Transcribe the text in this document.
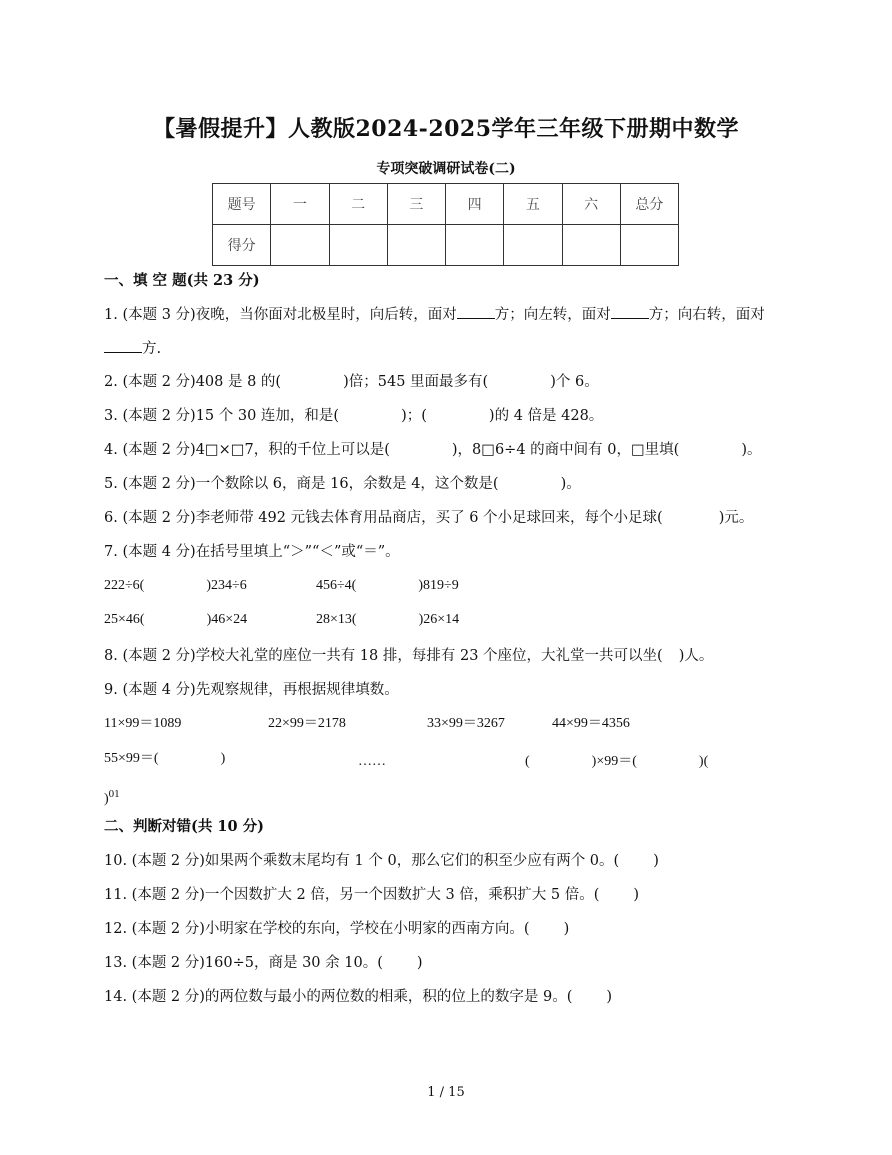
【暑假提升】人教版2024-2025学年三年级下册期中数学
专项突破调研试卷(二)
题号	一	二	三	四	五	六	总分
得分							
一、填 空 题(共 23 分)
1. (本题 3 分)夜晚，当你面对北极星时，向后转，面对	方；向左转，面对	方；向右转，面对
方.
2. (本题 2 分)408 是 8 的(	)倍；545 里面最多有(	)个 6。
3. (本题 2 分)15 个 30 连加，和是(	)；(	)的 4 倍是 428。
4. (本题 2 分)4□×□7，积的千位上可以是(	)，8□6÷4 的商中间有 0，□里填(	)。
5. (本题 2 分)一个数除以 6，商是 16，余数是 4，这个数是(	)。
6. (本题 2 分)李老师带 492 元钱去体育用品商店，买了 6 个小足球回来，每个小足球(	)元。
7. (本题 4 分)在括号里填上“＞”“＜”或“＝”。
222÷6(	)234÷6	456÷4(	)819÷9
25×46(	)46×24	28×13(	)26×14
8. (本题 2 分)学校大礼堂的座位一共有 18 排，每排有 23 个座位，大礼堂一共可以坐( )人。
9. (本题 4 分)先观察规律，再根据规律填数。
11×99＝1089	22×99＝2178	33×99＝3267	44×99＝4356
55×99＝(	)	……	(	)×99＝(	)(
)$^{01}$
二、判断对错(共 10 分)
10. (本题 2 分)如果两个乘数末尾均有 1 个 0，那么它们的积至少应有两个 0。( )
11. (本题 2 分)一个因数扩大 2 倍，另一个因数扩大 3 倍，乘积扩大 5 倍。( )
12. (本题 2 分)小明家在学校的东向，学校在小明家的西南方向。( )
13. (本题 2 分)160÷5，商是 30 余 10。( )
14. (本题 2 分)的两位数与最小的两位数的相乘，积的位上的数字是 9。( )
1 / 15
